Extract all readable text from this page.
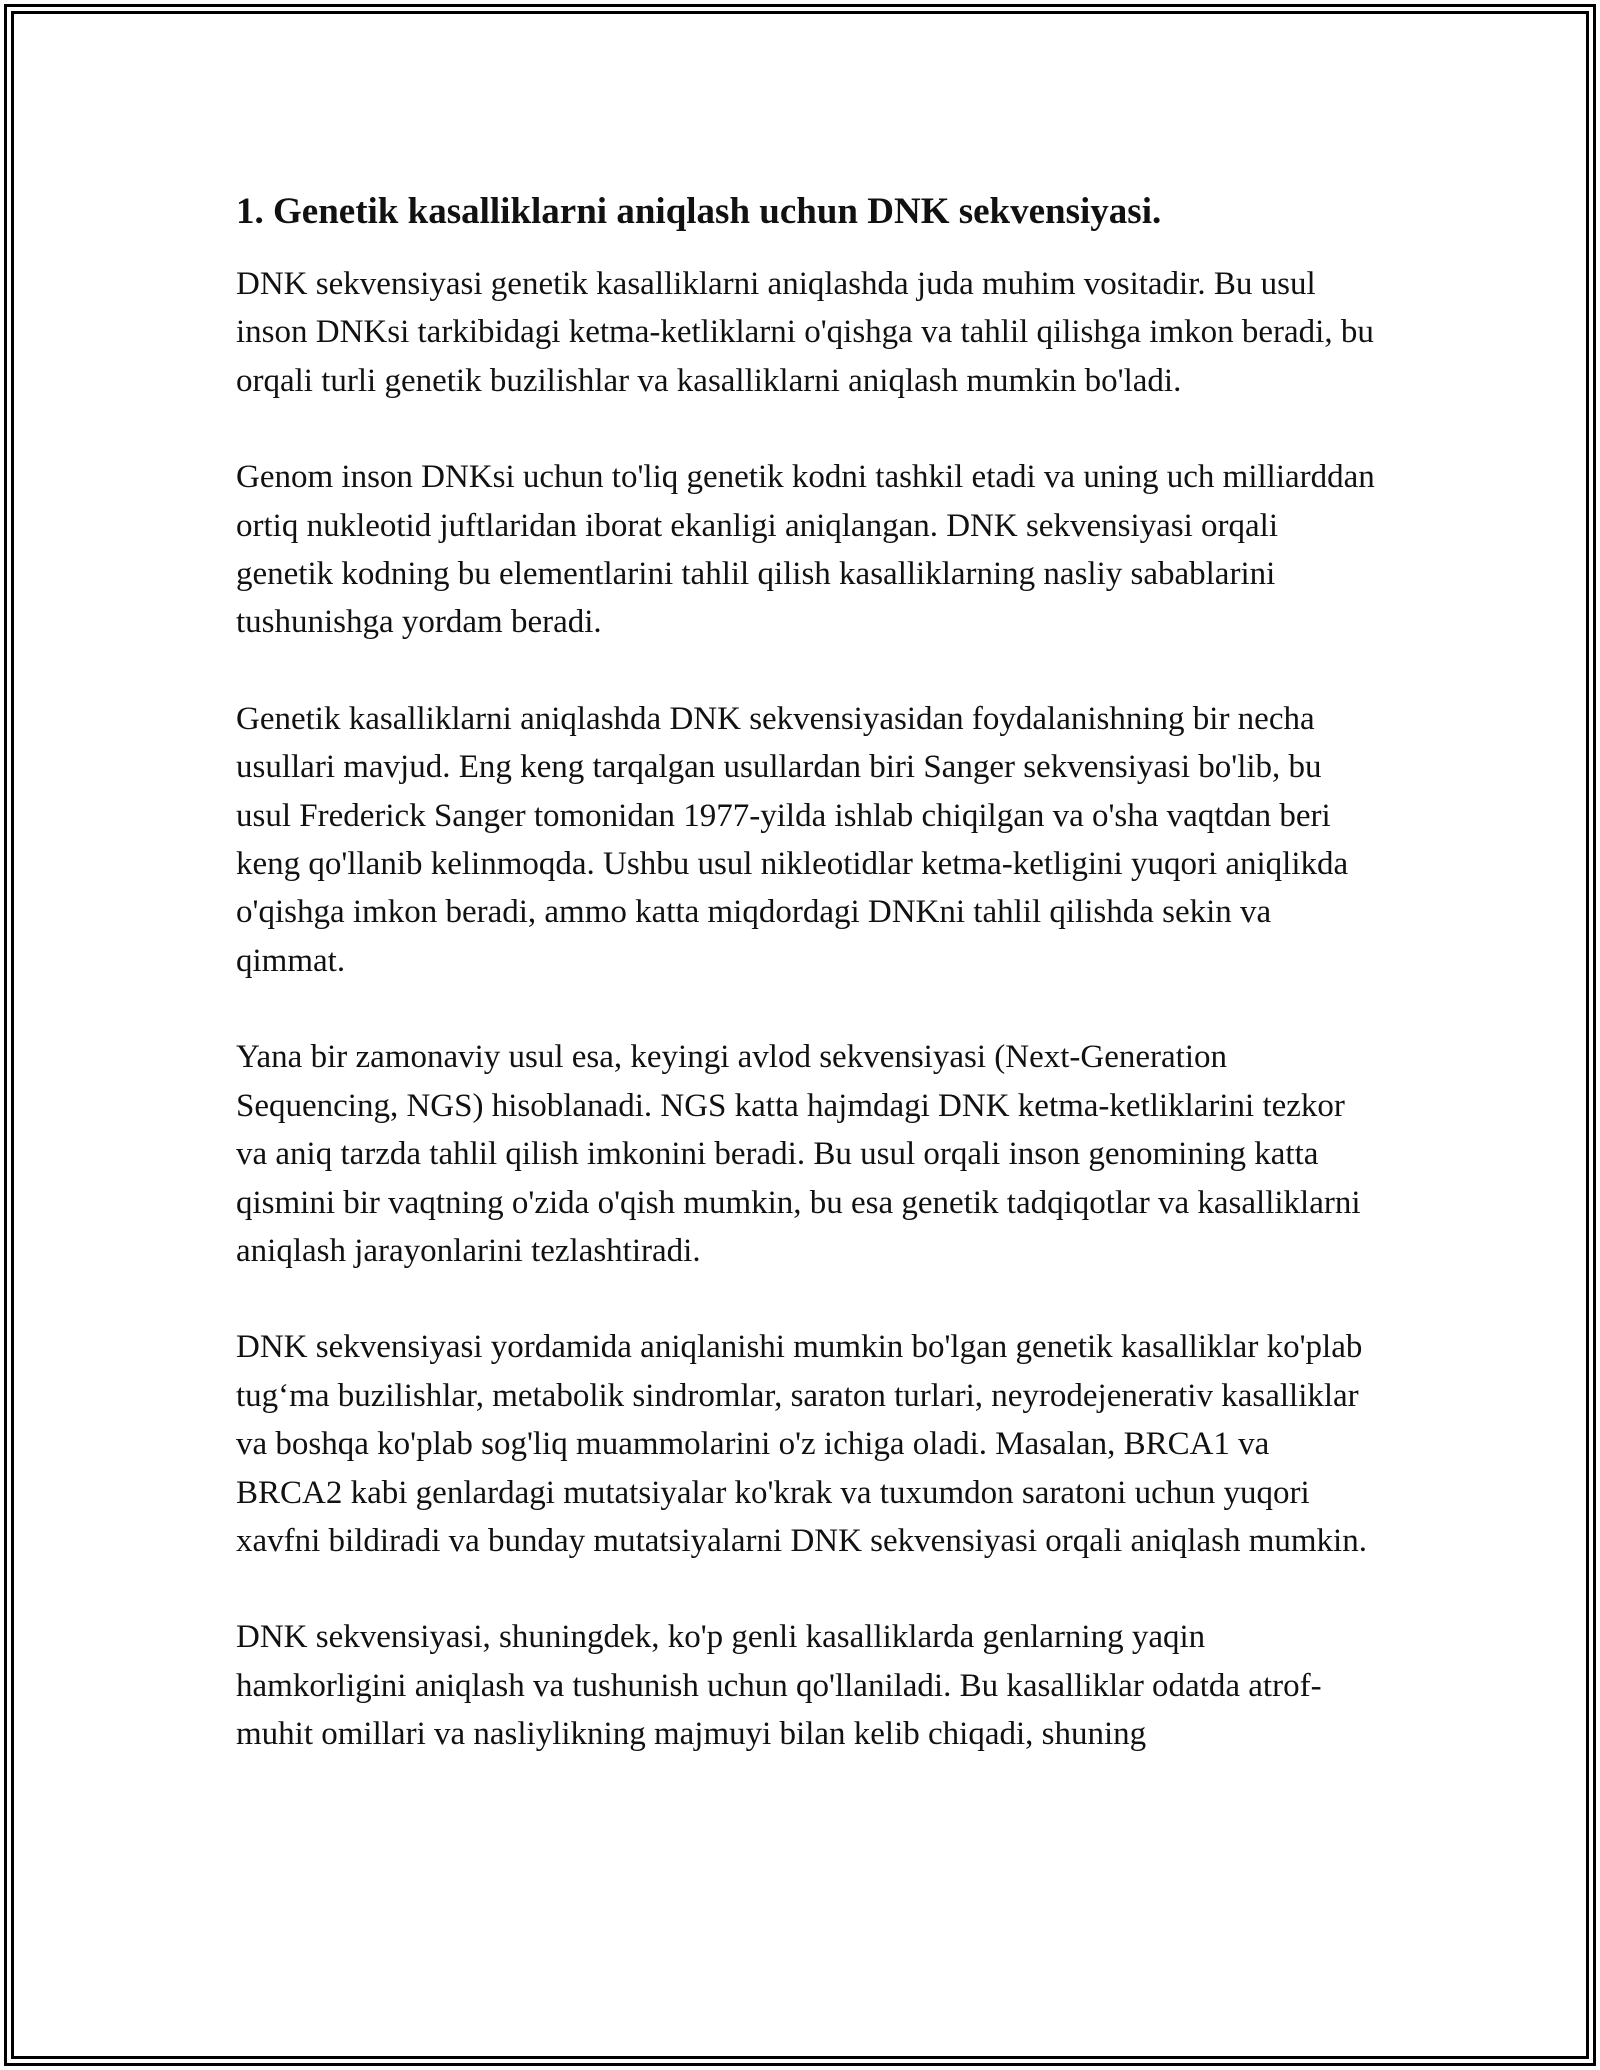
1. Genetik kasalliklarni aniqlash uchun DNK sekvensiyasi.

DNK sekvensiyasi genetik kasalliklarni aniqlashda juda muhim vositadir. Bu usul inson DNKsi tarkibidagi ketma-ketliklarni o'qishga va tahlil qilishga imkon beradi, bu orqali turli genetik buzilishlar va kasalliklarni aniqlash mumkin bo'ladi.

Genom inson DNKsi uchun to'liq genetik kodni tashkil etadi va uning uch milliarddan ortiq nukleotid juftlaridan iborat ekanligi aniqlangan. DNK sekvensiyasi orqali genetik kodning bu elementlarini tahlil qilish kasalliklarning nasliy sabablarini tushunishga yordam beradi.

Genetik kasalliklarni aniqlashda DNK sekvensiyasidan foydalanishning bir necha usullari mavjud. Eng keng tarqalgan usullardan biri Sanger sekvensiyasi bo'lib, bu usul Frederick Sanger tomonidan 1977-yilda ishlab chiqilgan va o'sha vaqtdan beri keng qo'llanib kelinmoqda. Ushbu usul nikleotidlar ketma-ketligini yuqori aniqlikda o'qishga imkon beradi, ammo katta miqdordagi DNKni tahlil qilishda sekin va qimmat.

Yana bir zamonaviy usul esa, keyingi avlod sekvensiyasi (Next-Generation Sequencing, NGS) hisoblanadi. NGS katta hajmdagi DNK ketma-ketliklarini tezkor va aniq tarzda tahlil qilish imkonini beradi. Bu usul orqali inson genomining katta qismini bir vaqtning o'zida o'qish mumkin, bu esa genetik tadqiqotlar va kasalliklarni aniqlash jarayonlarini tezlashtiradi.

DNK sekvensiyasi yordamida aniqlanishi mumkin bo'lgan genetik kasalliklar ko'plab tug‘ma buzilishlar, metabolik sindromlar, saraton turlari, neyrodejenerativ kasalliklar va boshqa ko'plab sog'liq muammolarini o'z ichiga oladi. Masalan, BRCA1 va BRCA2 kabi genlardagi mutatsiyalar ko'krak va tuxumdon saratoni uchun yuqori xavfni bildiradi va bunday mutatsiyalarni DNK sekvensiyasi orqali aniqlash mumkin.

DNK sekvensiyasi, shuningdek, ko'p genli kasalliklarda genlarning yaqin hamkorligini aniqlash va tushunish uchun qo'llaniladi. Bu kasalliklar odatda atrof-muhit omillari va nasliylikning majmuyi bilan kelib chiqadi, shuning
